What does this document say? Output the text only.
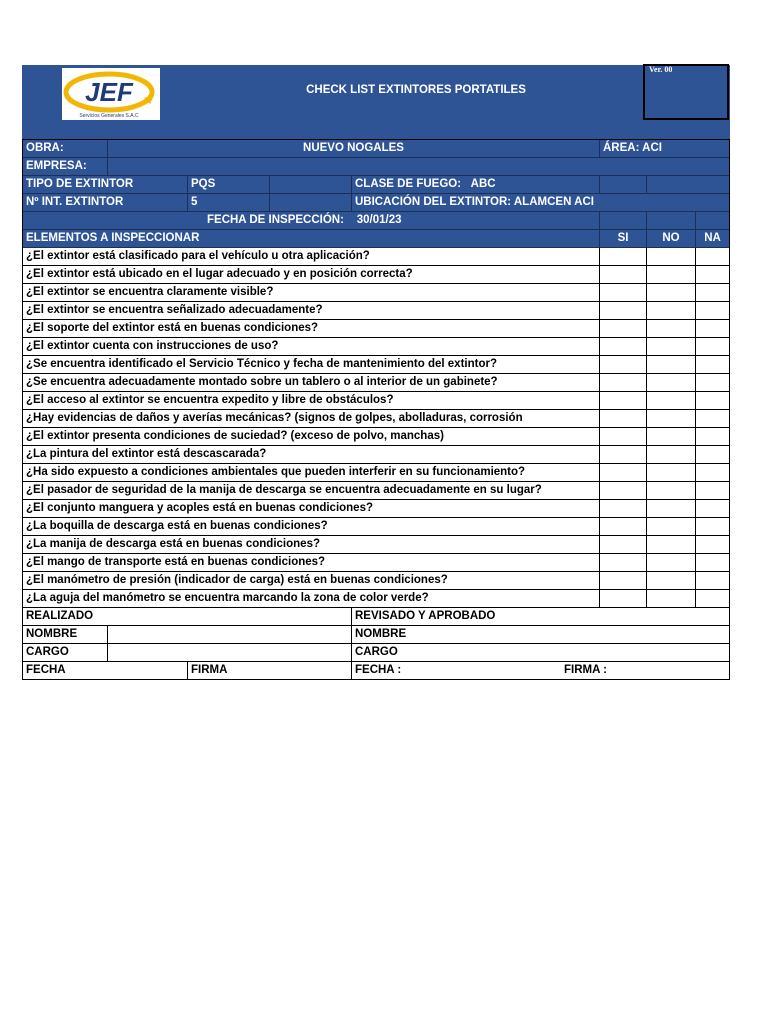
JEF
Servicios Generales S.A.C
CHECK LIST EXTINTORES PORTATILES
Ver. 00
OBRA:	NUEVO NOGALES	ÁREA: ACI
EMPRESA:
TIPO DE EXTINTOR	PQS	CLASE DE FUEGO: ABC
Nº INT. EXTINTOR	5	UBICACIÓN DEL EXTINTOR: ALAMCEN ACI
FECHA DE INSPECCIÓN: 30/01/23
ELEMENTOS A INSPECCIONAR	SI	NO	NA
¿El extintor está clasificado para el vehículo u otra aplicación?
¿El extintor está ubicado en el lugar adecuado y en posición correcta?
¿El extintor se encuentra claramente visible?
¿El extintor se encuentra señalizado adecuadamente?
¿El soporte del extintor está en buenas condiciones?
¿El extintor cuenta con instrucciones de uso?
¿Se encuentra identificado el Servicio Técnico y fecha de mantenimiento del extintor?
¿Se encuentra adecuadamente montado sobre un tablero o al interior de un gabinete?
¿El acceso al extintor se encuentra expedito y libre de obstáculos?
¿Hay evidencias de daños y averías mecánicas? (signos de golpes, abolladuras, corrosión
¿El extintor presenta condiciones de suciedad? (exceso de polvo, manchas)
¿La pintura del extintor está descascarada?
¿Ha sido expuesto a condiciones ambientales que pueden interferir en su funcionamiento?
¿El pasador de seguridad de la manija de descarga se encuentra adecuadamente en su lugar?
¿El conjunto manguera y acoples está en buenas condiciones?
¿La boquilla de descarga está en buenas condiciones?
¿La manija de descarga está en buenas condiciones?
¿El mango de transporte está en buenas condiciones?
¿El manómetro de presión (indicador de carga) está en buenas condiciones?
¿La aguja del manómetro se encuentra marcando la zona de color verde?
REALIZADO	REVISADO Y APROBADO
NOMBRE	NOMBRE
CARGO	CARGO
FECHA	FIRMA	FECHA :	FIRMA :
